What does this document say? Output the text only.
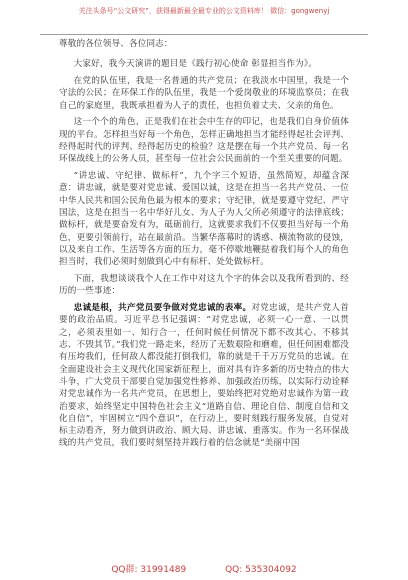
关注头条号“公文研究”，获得最新最全最专业的公文资料库！ 微信：gongwenyj

尊敬的各位领导、各位同志：

大家好，我今天演讲的题目是《践行初心使命 彰显担当作为》。

在党的队伍里，我是一名普通的共产党员；在我淡水中国里，我是一个守法的公民；在环保工作的队伍里，我是一个爱岗敬业的环境监察员；在我自己的家庭里，我既承担着为人子的责任，也担负着丈夫、父亲的角色。

这一个个的角色，正是我们在社会中生存的印记，也是我们自身价值体现的平台。怎样担当好每一个角色，怎样正确地担当才能经得起社会评判、经得起时代的评判、经得起历史的检验？这是摆在每一个共产党员、每一名环保战线上的公务人员，甚至每一位社会公民面前的一个至关重要的问题。

“讲忠诚、守纪律、做标杆”，九个字三个短语，虽然简短，却蕴含深意：讲忠诚，就是要对党忠诚、爱国以诚，这是在担当一名共产党员、一位中华人民共和国公民角色最为根本的要求；守纪律，就是要遵守党纪、严守国法，这是在担当一名中华好儿女、为人子为人父所必须遵守的法律底线；做标杆，就是要奋发有为，砥砺前行，这就要求我们不仅要担当好每一个角色，更要引领前行，站在最前沿。当繁华落幕时的诱惑、横流物欲的侵蚀，以及来自工作、生活等各方面的压力，毫不停歇地鞭挞着我们每个人的角色担当时，我们必须时刻做到心中有标杆、处处做标杆。

下面，我想谈谈我个人在工作中对这九个字的体会以及我所看到的、经历的一些事迹：

忠诚是根，共产党员要争做对党忠诚的表率。对党忠诚，是共产党人首要的政治品质。习近平总书记强调：“对党忠诚，必须一心一意、一以贯之，必须表里如一、知行合一，任何时候任何情况下都不改其心、不移其志、不毁其节。”我们党一路走来，经历了无数艰险和磨难，但任何困难都没有压垮我们，任何敌人都没能打倒我们，靠的就是千千万万党员的忠诚。在全面建设社会主义现代化国家新征程上，面对具有许多新的历史特点的伟大斗争，广大党员干部要自觉加强党性修养、加强政治历练，以实际行动诠释对党忠诚作为一名共产党员，在思想上，要始终把对党绝对忠诚作为第一政治要求，始终坚定中国特色社会主义“道路自信、理论自信、制度自信和文化自信”，牢固树立“四个意识”，在行动上，要时刻践行服务发展，自觉对标主动看齐，努力做到讲政治、顾大局、讲忠诚、重落实。作为一名环保战线的共产党员，我们要时刻坚持并践行着的信念就是“美丽中国

QQ群: 31991489	QQ: 535304092
